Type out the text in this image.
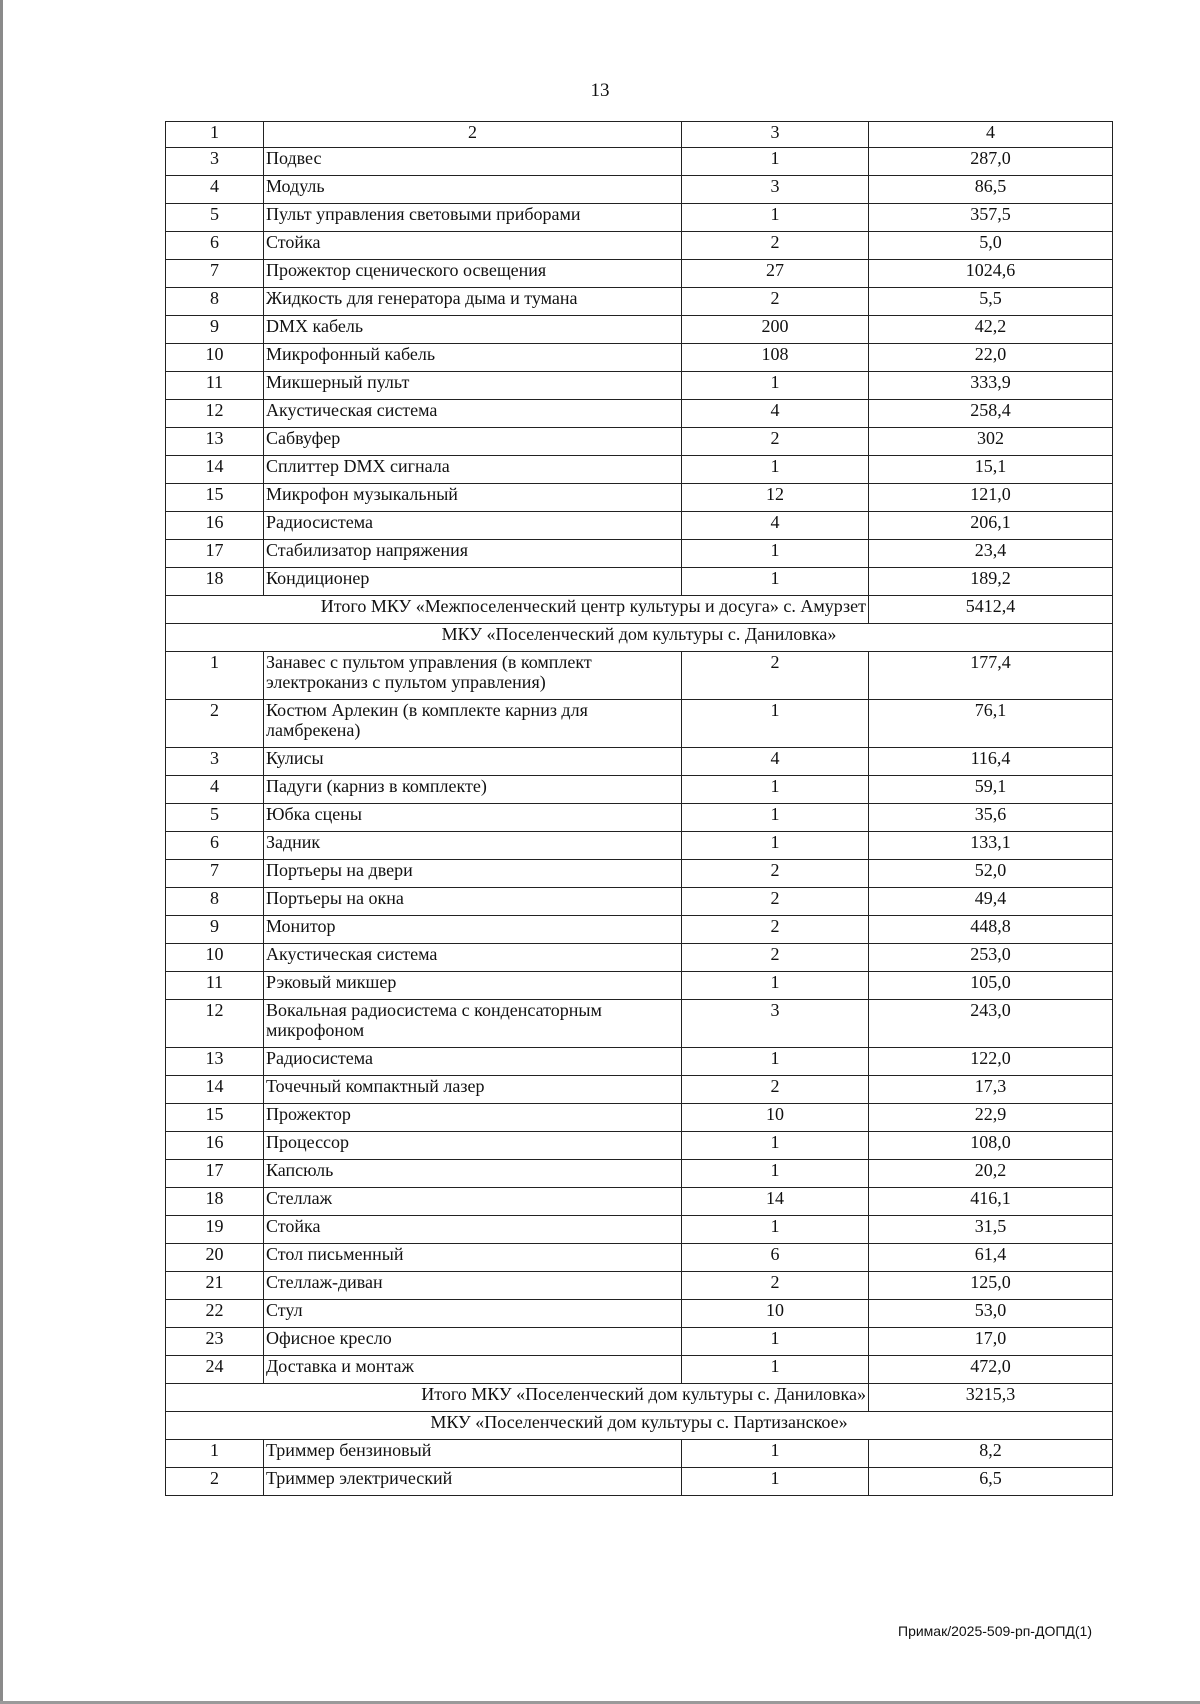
13
1	2	3	4
3	Подвес	1	287,0
4	Модуль	3	86,5
5	Пульт управления световыми приборами	1	357,5
6	Стойка	2	5,0
7	Прожектор сценического освещения	27	1024,6
8	Жидкость для генератора дыма и тумана	2	5,5
9	DMX кабель	200	42,2
10	Микрофонный кабель	108	22,0
11	Микшерный пульт	1	333,9
12	Акустическая система	4	258,4
13	Сабвуфер	2	302
14	Сплиттер DMX сигнала	1	15,1
15	Микрофон музыкальный	12	121,0
16	Радиосистема	4	206,1
17	Стабилизатор напряжения	1	23,4
18	Кондиционер	1	189,2
Итого МКУ «Межпоселенческий центр культуры и досуга» с. Амурзет			5412,4
МКУ «Поселенческий дом культуры с. Даниловка»			
1	Занавес с пультом управления (в комплект электроканиз с пультом управления)	2	177,4
2	Костюм Арлекин (в комплекте карниз для ламбрекена)	1	76,1
3	Кулисы	4	116,4
4	Падуги (карниз в комплекте)	1	59,1
5	Юбка сцены	1	35,6
6	Задник	1	133,1
7	Портьеры на двери	2	52,0
8	Портьеры на окна	2	49,4
9	Монитор	2	448,8
10	Акустическая система	2	253,0
11	Рэковый микшер	1	105,0
12	Вокальная радиосистема с конденсаторным микрофоном	3	243,0
13	Радиосистема	1	122,0
14	Точечный компактный лазер	2	17,3
15	Прожектор	10	22,9
16	Процессор	1	108,0
17	Капсюль	1	20,2
18	Стеллаж	14	416,1
19	Стойка	1	31,5
20	Стол письменный	6	61,4
21	Стеллаж-диван	2	125,0
22	Стул	10	53,0
23	Офисное кресло	1	17,0
24	Доставка и монтаж	1	472,0
Итого МКУ «Поселенческий дом культуры с. Даниловка»			3215,3
МКУ «Поселенческий дом культуры с. Партизанское»			
1	Триммер бензиновый	1	8,2
2	Триммер электрический	1	6,5
Примак/2025-509-рп-ДОПД(1)
